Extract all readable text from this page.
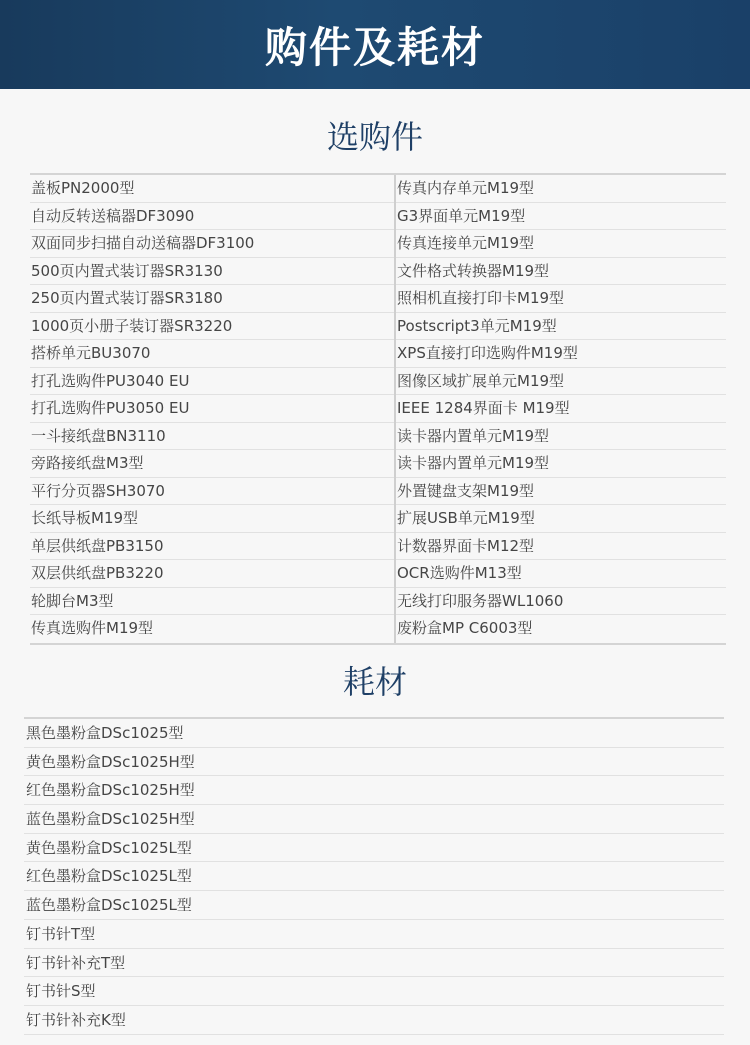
购件及耗材
选购件
盖板PN2000型
自动反转送稿器DF3090
双面同步扫描自动送稿器DF3100
500页内置式装订器SR3130
250页内置式装订器SR3180
1000页小册子装订器SR3220
搭桥单元BU3070
打孔选购件PU3040 EU
打孔选购件PU3050 EU
一斗接纸盘BN3110
旁路接纸盘M3型
平行分页器SH3070
长纸导板M19型
单层供纸盘PB3150
双层供纸盘PB3220
轮脚台M3型
传真选购件M19型
传真内存单元M19型
G3界面单元M19型
传真连接单元M19型
文件格式转换器M19型
照相机直接打印卡M19型
Postscript3单元M19型
XPS直接打印选购件M19型
图像区域扩展单元M19型
IEEE 1284界面卡 M19型
读卡器内置单元M19型
读卡器内置单元M19型
外置键盘支架M19型
扩展USB单元M19型
计数器界面卡M12型
OCR选购件M13型
无线打印服务器WL1060
废粉盒MP C6003型
耗材
黑色墨粉盒DSc1025型
黄色墨粉盒DSc1025H型
红色墨粉盒DSc1025H型
蓝色墨粉盒DSc1025H型
黄色墨粉盒DSc1025L型
红色墨粉盒DSc1025L型
蓝色墨粉盒DSc1025L型
钉书针T型
钉书针补充T型
钉书针S型
钉书针补充K型
